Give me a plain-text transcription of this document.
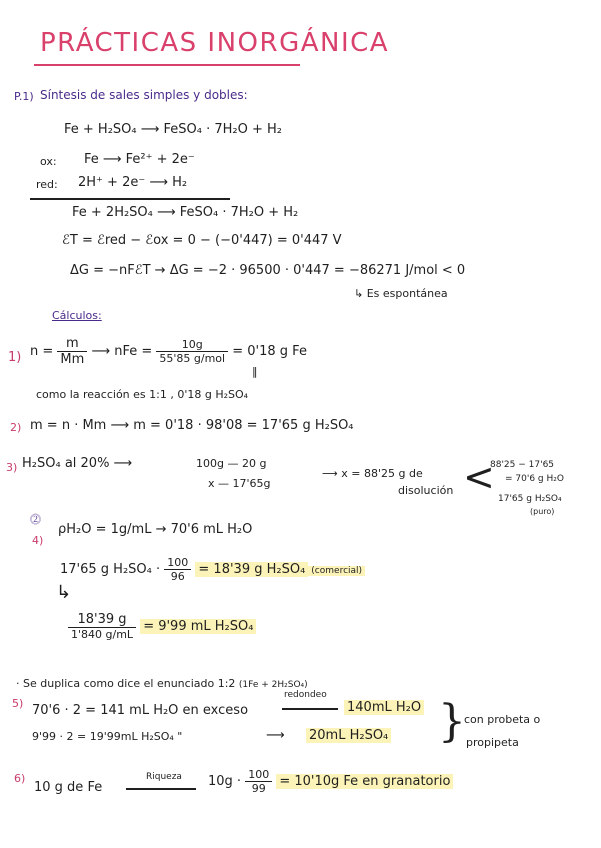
PRÁCTICAS INORGÁNICA
P.1) Síntesis de sales simples y dobles:
Fe + H₂SO₄ ⟶ FeSO₄ · 7H₂O + H₂
ox: Fe ⟶ Fe²⁺ + 2e⁻
red: 2H⁺ + 2e⁻ ⟶ H₂
Fe + 2H₂SO₄ ⟶ FeSO₄ · 7H₂O + H₂
ℰT = ℰred − ℰox = 0 − (−0'447) = 0'447 V
ΔG = −nFℰT → ΔG = −2 · 96500 · 0'447 = −86271 J/mol < 0
↳ Es espontánea
Cálculos:
1) $n = \frac{m}{Mm}$ ⟶ nFe = $\frac{10g}{\text{55'85 g/mol}} = 0'18$ g Fe
‖
como la reacción es 1:1 , 0'18 g H₂SO₄
2) m = n · Mm ⟶ m = 0'18 · 98'08 = 17'65 g H₂SO₄
3) H₂SO₄ al 20% ⟶	100g — 20 g
x — 17'65g
⟶ x = 88'25 g de
disolución <
88'25 − 17'65
= 70'6 g H₂O
17'65 g H₂SO₄
(puro)
⓶
4)
ρH₂O = 1g/mL → 70'6 mL H₂O
17'65 g $H_2SO_4 \cdot \frac{100}{96} = 18'39$ g H₂SO₄ (comercial)
↳
$\frac{18'39 g}{1'840 g/mL} = 9'99$ mL H₂SO₄
· Se duplica como dice el enunciado 1:2 (1Fe + 2H₂SO₄)
5) 70'6 · 2 = 141 mL H₂O en exceso
redondeo
140mL H₂O
9'99 · 2 = 19'99mL H₂SO₄ "	⟶ 20mL H₂SO₄ }
con probeta o
propipeta
6)
10 g de Fe
Riqueza $10g \cdot \frac{100}{99} = 10'10g$ Fe en granatorio
